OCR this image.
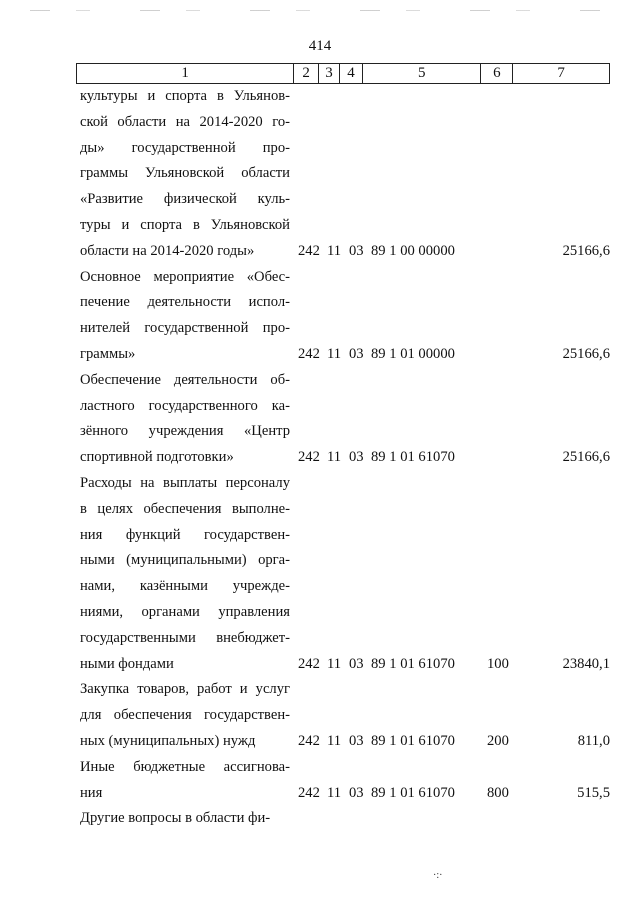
414
1	2	3 4	5	6	7
культуры и спорта в Ульянов-
ской области на 2014-2020 го-
ды» государственной про-
граммы Ульяновской области
«Развитие физической куль-
туры и спорта в Ульяновской
области на 2014-2020 годы»	242 11 03 89 1 00 00000	25166,6
Основное мероприятие «Обес-
печение деятельности испол-
нителей государственной про-
граммы»	242 11 03 89 1 01 00000	25166,6
Обеспечение деятельности об-
ластного государственного ка-
зённого учреждения «Центр
спортивной подготовки»	242 11 03 89 1 01 61070	25166,6
Расходы на выплаты персоналу
в целях обеспечения выполне-
ния функций государствен-
ными (муниципальными) орга-
нами, казёнными учрежде-
ниями, органами управления
государственными внебюджет-
ными фондами	242 11 03 89 1 01 61070 100	23840,1
Закупка товаров, работ и услуг
для обеспечения государствен-
ных (муниципальных) нужд	242 11 03 89 1 01 61070 200	811,0
Иные бюджетные ассигнова-
ния	242 11 03 89 1 01 61070 800	515,5
Другие вопросы в области фи-
·:·
